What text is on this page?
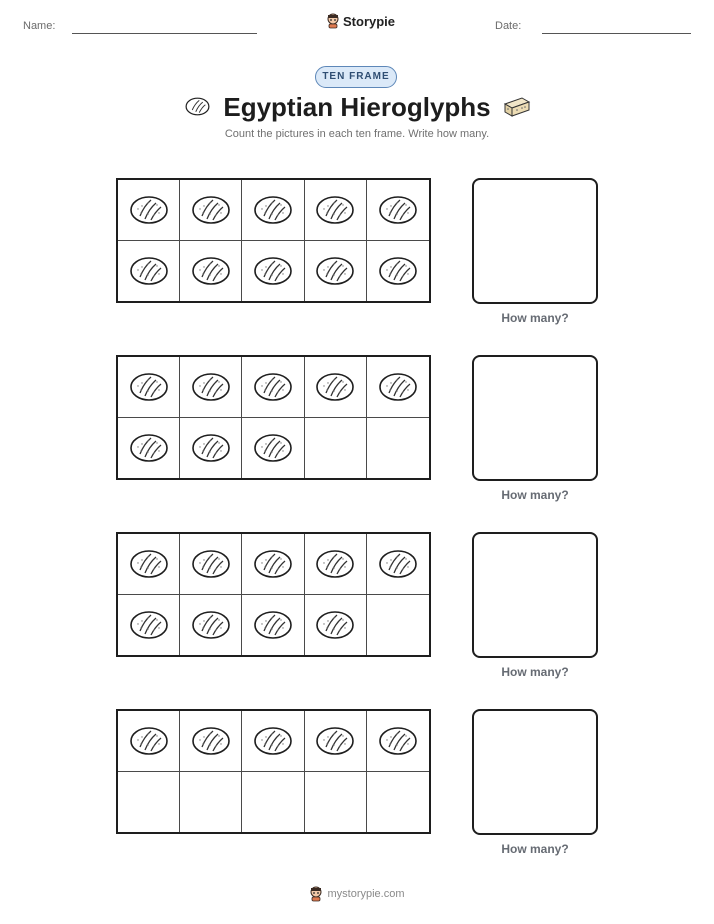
Name:	Storypie	Date:
TEN FRAME
Egyptian Hieroglyphs
Count the pictures in each ten frame. Write how many.
How many?
How many?
How many?
How many?
mystorypie.com
